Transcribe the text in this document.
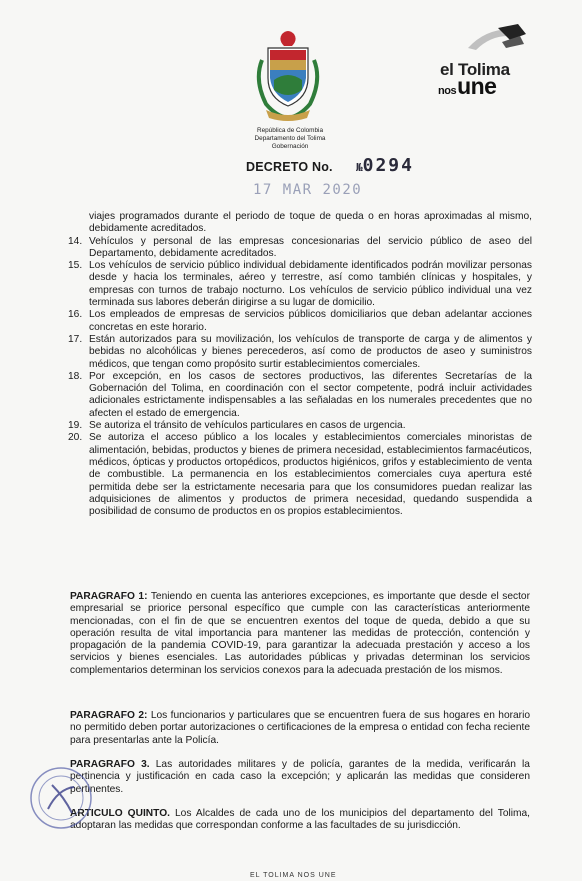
el Tolima
nosune
República de Colombia
Departamento del Tolima
Gobernación
DECRETO No. №0294
17 MAR 2020
viajes programados durante el periodo de toque de queda o en horas aproximadas al mismo, debidamente acreditados.
14. Vehículos y personal de las empresas concesionarias del servicio público de aseo del Departamento, debidamente acreditados.
15. Los vehículos de servicio público individual debidamente identificados podrán movilizar personas desde y hacia los terminales, aéreo y terrestre, así como también clínicas y hospitales, y empresas con turnos de trabajo nocturno. Los vehículos de servicio público individual una vez terminada sus labores deberán dirigirse a su lugar de domicilio.
16. Los empleados de empresas de servicios públicos domiciliarios que deban adelantar acciones concretas en este horario.
17. Están autorizados para su movilización, los vehículos de transporte de carga y de alimentos y bebidas no alcohólicas y bienes perecederos, así como de productos de aseo y suministros médicos, que tengan como propósito surtir establecimientos comerciales.
18. Por excepción, en los casos de sectores productivos, las diferentes Secretarías de la Gobernación del Tolima, en coordinación con el sector competente, podrá incluir actividades adicionales estrictamente indispensables a las señaladas en los numerales precedentes que no afecten el estado de emergencia.
19. Se autoriza el tránsito de vehículos particulares en casos de urgencia.
20. Se autoriza el acceso público a los locales y establecimientos comerciales minoristas de alimentación, bebidas, productos y bienes de primera necesidad, establecimientos farmacéuticos, médicos, ópticas y productos ortopédicos, productos higiénicos, grifos y establecimiento de venta de combustible. La permanencia en los establecimientos comerciales cuya apertura esté permitida debe ser la estrictamente necesaria para que los consumidores puedan realizar las adquisiciones de alimentos y productos de primera necesidad, quedando suspendida a posibilidad de consumo de productos en os propios establecimientos.
PARAGRAFO 1: Teniendo en cuenta las anteriores excepciones, es importante que desde el sector empresarial se priorice personal específico que cumple con las características anteriormente mencionadas, con el fin de que se encuentren exentos del toque de queda, debido a que su operación resulta de vital importancia para mantener las medidas de protección, contención y propagación de la pandemia COVID-19, para garantizar la adecuada prestación y acceso a los servicios y bienes esenciales. Las autoridades públicas y privadas determinan los servicios complementarios determinan los servicios conexos para la adecuada prestación de los mismos.
PARAGRAFO 2: Los funcionarios y particulares que se encuentren fuera de sus hogares en horario no permitido deben portar autorizaciones o certificaciones de la empresa o entidad con fecha reciente para presentarlas ante la Policía.
PARAGRAFO 3. Las autoridades militares y de policía, garantes de la medida, verificarán la pertinencia y justificación en cada caso la excepción; y aplicarán las medidas que consideren pertinentes.
ARTICULO QUINTO. Los Alcaldes de cada uno de los municipios del departamento del Tolima, adoptaran las medidas que correspondan conforme a las facultades de su jurisdicción.
EL TOLIMA NOS UNE
